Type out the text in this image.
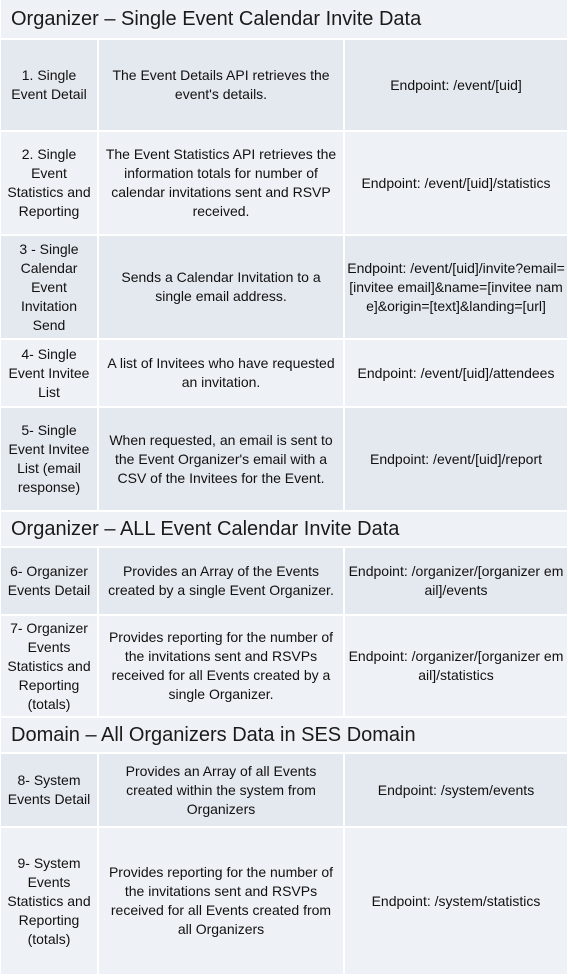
Organizer – Single Event Calendar Invite Data
1. Single Event Detail
The Event Details API retrieves the event's details.
Endpoint: /event/[uid]
2. Single Event Statistics and Reporting
The Event Statistics API retrieves the information totals for number of calendar invitations sent and RSVP received.
Endpoint: /event/[uid]/statistics
3 - Single Calendar Event Invitation Send
Sends a Calendar Invitation to a single email address.
Endpoint: /event/[uid]/invite?email=[invitee email]&name=[invitee name]&origin=[text]&landing=[url]
4- Single Event Invitee List
A list of Invitees who have requested an invitation.
Endpoint: /event/[uid]/attendees
5- Single Event Invitee List (email response)
When requested, an email is sent to the Event Organizer's email with a CSV of the Invitees for the Event.
Endpoint: /event/[uid]/report
Organizer – ALL Event Calendar Invite Data
6- Organizer Events Detail
Provides an Array of the Events created by a single Event Organizer.
Endpoint: /organizer/[organizer email]/events
7- Organizer Events Statistics and Reporting (totals)
Provides reporting for the number of the invitations sent and RSVPs received for all Events created by a single Organizer.
Endpoint: /organizer/[organizer email]/statistics
Domain – All Organizers Data in SES Domain
8- System Events Detail
Provides an Array of all Events created within the system from Organizers
Endpoint: /system/events
9- System Events Statistics and Reporting (totals)
Provides reporting for the number of the invitations sent and RSVPs received for all Events created from all Organizers
Endpoint: /system/statistics
